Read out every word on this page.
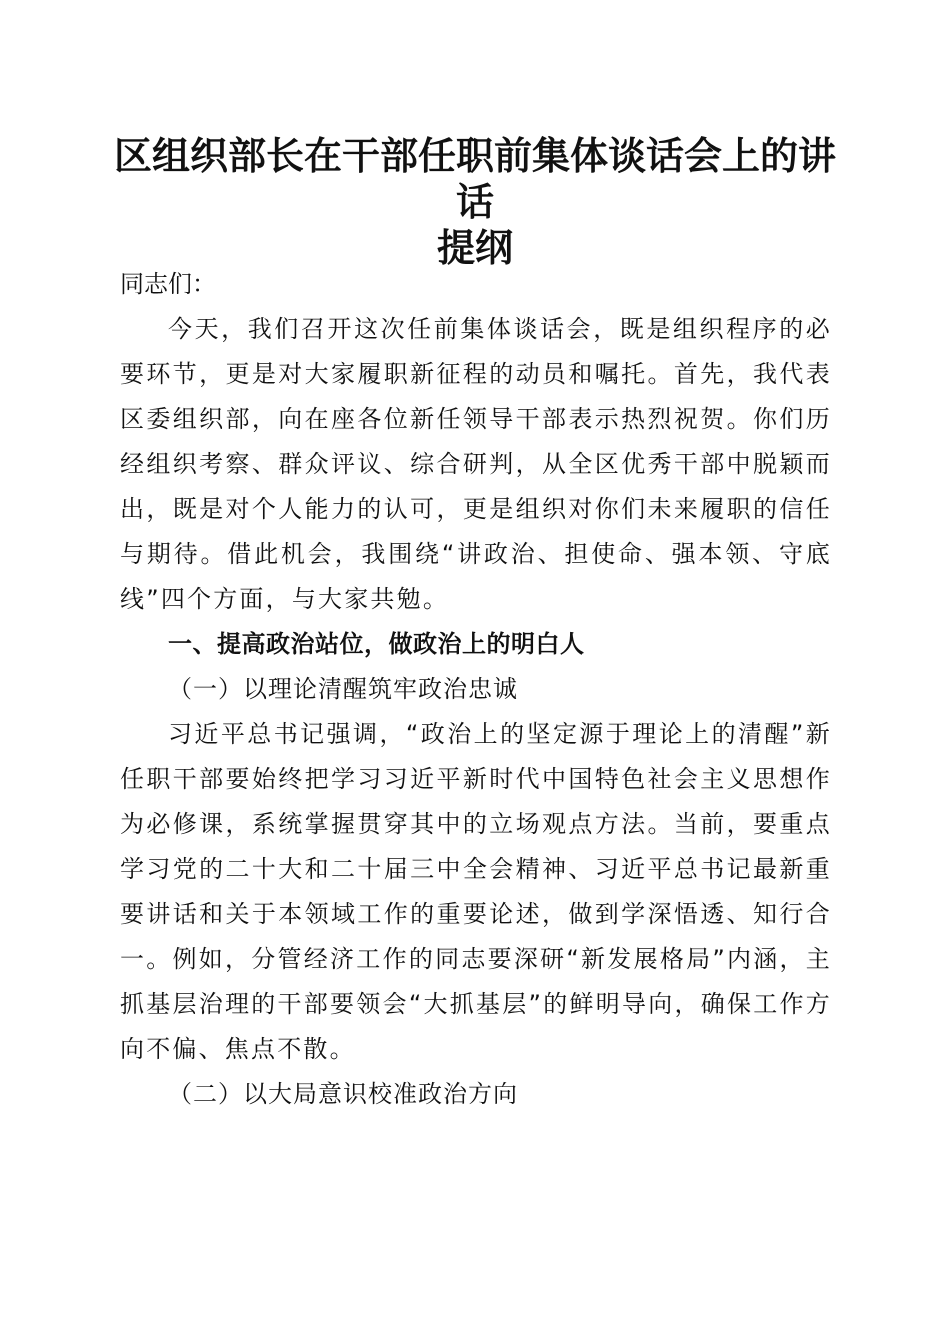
区组织部长在干部任职前集体谈话会上的讲话
提纲

同志们：

今天，我们召开这次任前集体谈话会，既是组织程序的必要环节，更是对大家履职新征程的动员和嘱托。首先，我代表区委组织部，向在座各位新任领导干部表示热烈祝贺。你们历经组织考察、群众评议、综合研判，从全区优秀干部中脱颖而出，既是对个人能力的认可，更是组织对你们未来履职的信任与期待。借此机会，我围绕“讲政治、担使命、强本领、守底线”四个方面，与大家共勉。

一、提高政治站位，做政治上的明白人

（一）以理论清醒筑牢政治忠诚

习近平总书记强调，“政治上的坚定源于理论上的清醒”新任职干部要始终把学习习近平新时代中国特色社会主义思想作为必修课，系统掌握贯穿其中的立场观点方法。当前，要重点学习党的二十大和二十届三中全会精神、习近平总书记最新重要讲话和关于本领域工作的重要论述，做到学深悟透、知行合一。例如，分管经济工作的同志要深研“新发展格局”内涵，主抓基层治理的干部要领会“大抓基层”的鲜明导向，确保工作方向不偏、焦点不散。

（二）以大局意识校准政治方向
